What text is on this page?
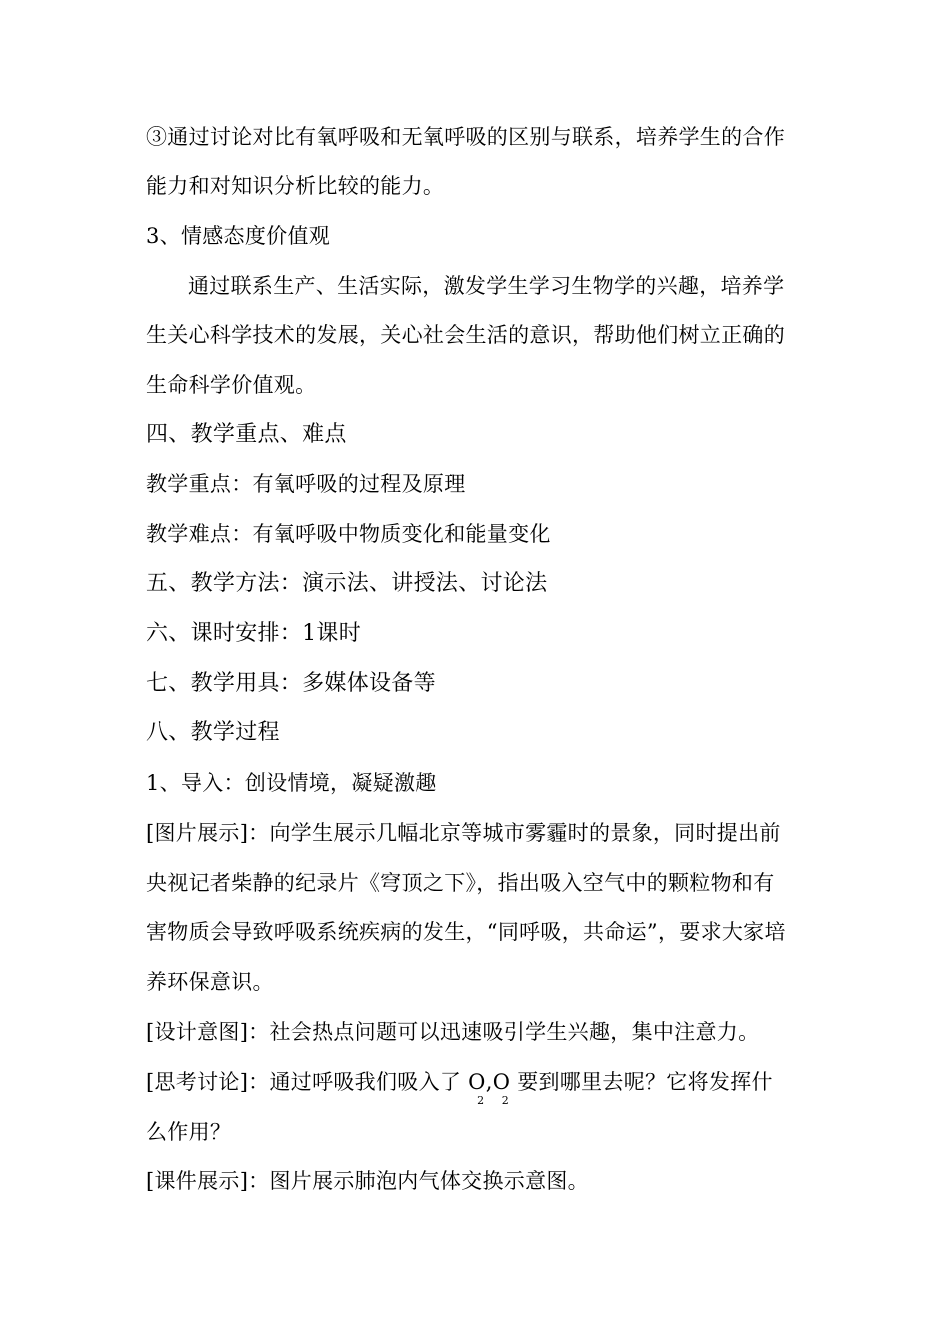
③通过讨论对比有氧呼吸和无氧呼吸的区别与联系，培养学生的合作
能力和对知识分析比较的能力。
3、情感态度价值观
通过联系生产、生活实际，激发学生学习生物学的兴趣，培养学
生关心科学技术的发展，关心社会生活的意识，帮助他们树立正确的
生命科学价值观。
四、教学重点、难点
教学重点：有氧呼吸的过程及原理
教学难点：有氧呼吸中物质变化和能量变化
五、教学方法：演示法、讲授法、讨论法
六、课时安排：1课时
七、教学用具：多媒体设备等
八、教学过程
1、导入：创设情境，凝疑激趣
[图片展示]：向学生展示几幅北京等城市雾霾时的景象，同时提出前
央视记者柴静的纪录片《穹顶之下》，指出吸入空气中的颗粒物和有
害物质会导致呼吸系统疾病的发生，“同呼吸，共命运”，要求大家培
养环保意识。
[设计意图]：社会热点问题可以迅速吸引学生兴趣，集中注意力。
[思考讨论]：通过呼吸我们吸入了 O
2
,O
2
要到哪里去呢？它将发挥什
么作用？
[课件展示]：图片展示肺泡内气体交换示意图。
